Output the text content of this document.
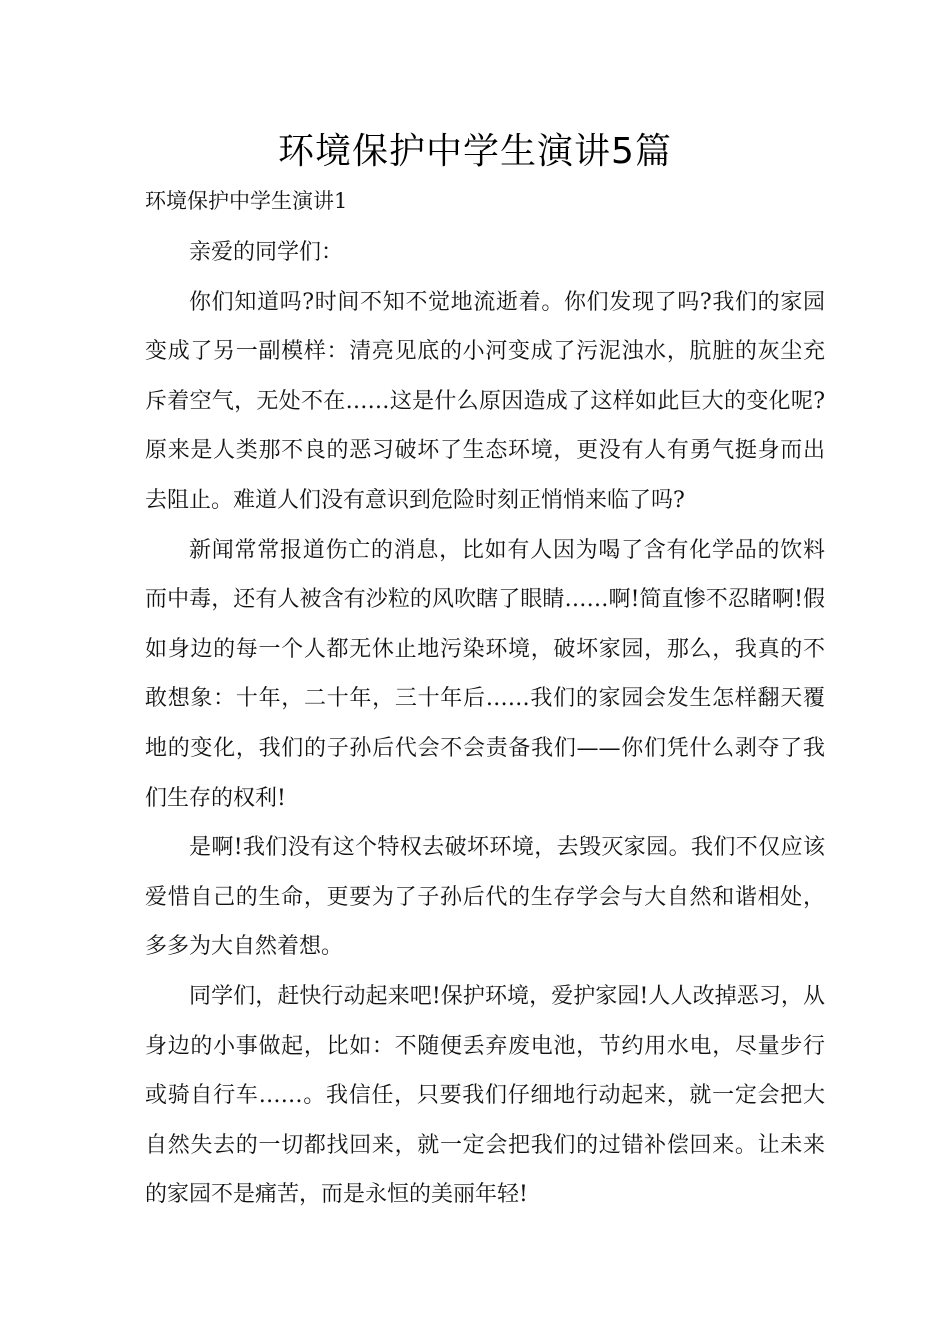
环境保护中学生演讲5篇

环境保护中学生演讲1

亲爱的同学们：

你们知道吗?时间不知不觉地流逝着。你们发现了吗?我们的家园变成了另一副模样：清亮见底的小河变成了污泥浊水，肮脏的灰尘充斥着空气，无处不在……这是什么原因造成了这样如此巨大的变化呢?原来是人类那不良的恶习破坏了生态环境，更没有人有勇气挺身而出去阻止。难道人们没有意识到危险时刻正悄悄来临了吗?

新闻常常报道伤亡的消息，比如有人因为喝了含有化学品的饮料而中毒，还有人被含有沙粒的风吹瞎了眼睛……啊!简直惨不忍睹啊!假如身边的每一个人都无休止地污染环境，破坏家园，那么，我真的不敢想象：十年，二十年，三十年后……我们的家园会发生怎样翻天覆地的变化，我们的子孙后代会不会责备我们——你们凭什么剥夺了我们生存的权利!

是啊!我们没有这个特权去破坏环境，去毁灭家园。我们不仅应该爱惜自己的生命，更要为了子孙后代的生存学会与大自然和谐相处，多多为大自然着想。

同学们，赶快行动起来吧!保护环境，爱护家园!人人改掉恶习，从身边的小事做起，比如：不随便丢弃废电池，节约用水电，尽量步行或骑自行车……。我信任，只要我们仔细地行动起来，就一定会把大自然失去的一切都找回来，就一定会把我们的过错补偿回来。让未来的家园不是痛苦，而是永恒的美丽年轻!
